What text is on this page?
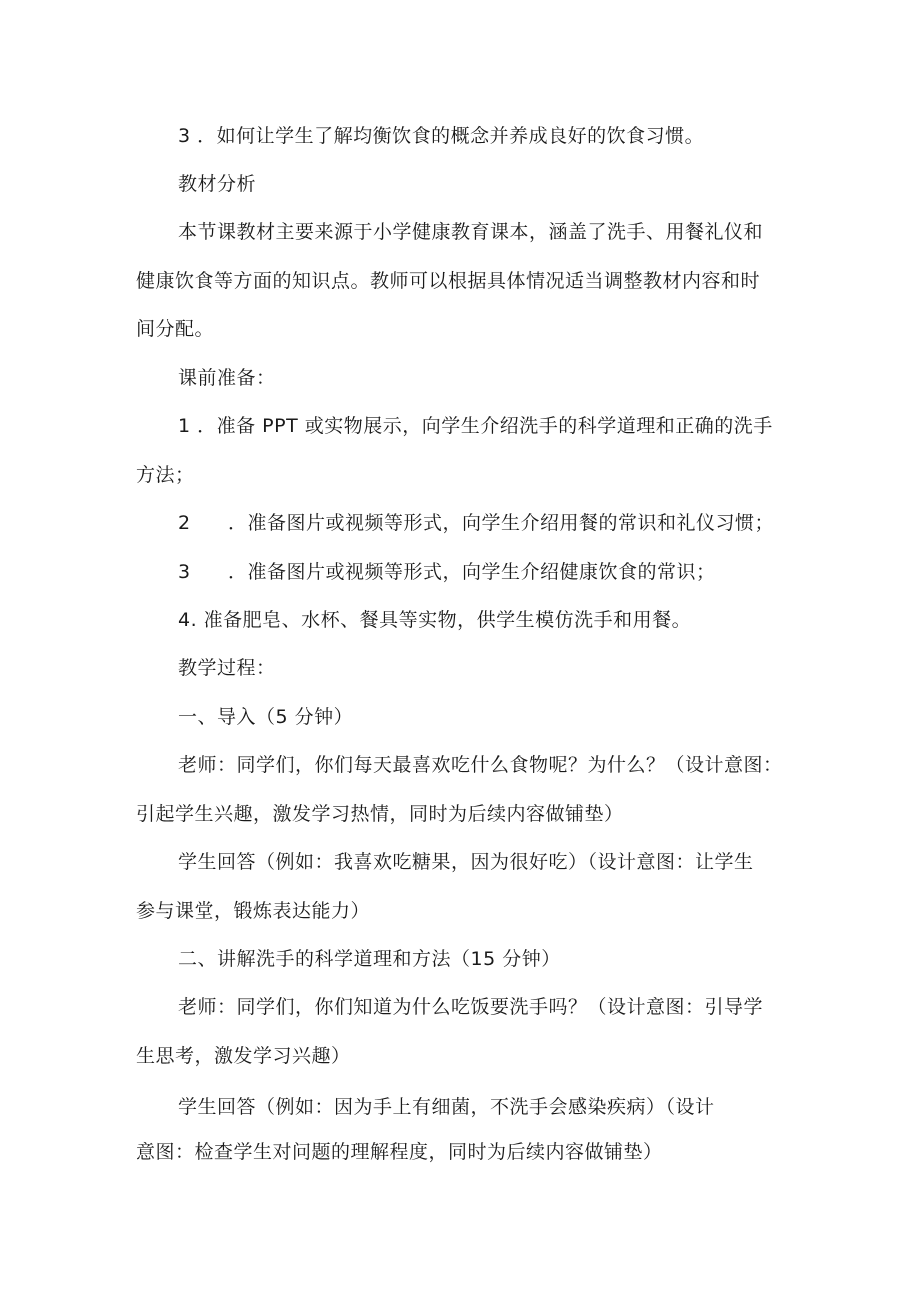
3 ．如何让学生了解均衡饮食的概念并养成良好的饮食习惯。
教材分析
本节课教材主要来源于小学健康教育课本，涵盖了洗手、用餐礼仪和
健康饮食等方面的知识点。教师可以根据具体情况适当调整教材内容和时
间分配。
课前准备：
1 ．准备 PPT 或实物展示，向学生介绍洗手的科学道理和正确的洗手
方法；
2 ．准备图片或视频等形式，向学生介绍用餐的常识和礼仪习惯；
3 ．准备图片或视频等形式，向学生介绍健康饮食的常识；
4. 准备肥皂、水杯、餐具等实物，供学生模仿洗手和用餐。
教学过程：
一、导入（5 分钟）
老师：同学们，你们每天最喜欢吃什么食物呢？为什么？（设计意图：
引起学生兴趣，激发学习热情，同时为后续内容做铺垫）
学生回答（例如：我喜欢吃糖果，因为很好吃）（设计意图：让学生
参与课堂，锻炼表达能力）
二、讲解洗手的科学道理和方法（15 分钟）
老师：同学们，你们知道为什么吃饭要洗手吗？（设计意图：引导学
生思考，激发学习兴趣）
学生回答（例如：因为手上有细菌，不洗手会感染疾病）（设计
意图：检查学生对问题的理解程度，同时为后续内容做铺垫）
